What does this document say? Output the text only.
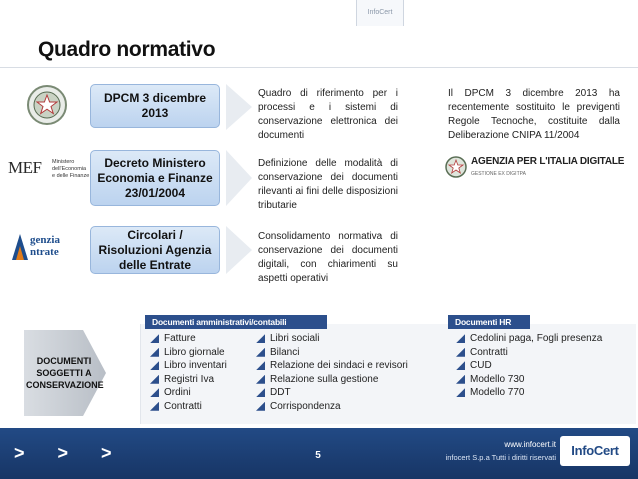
InfoCert
Quadro normativo
MEF Ministero
dell'Economia
e delle Finanze
genzia
ntrate
AGENZIA PER L'ITALIA DIGITALE
GESTIONE EX DIGITPA
DPCM 3 dicembre 2013
Decreto Ministero Economia e Finanze 23/01/2004
Circolari / Risoluzioni Agenzia delle Entrate
Quadro di riferimento per i processi e i sistemi di conservazione elettronica dei documenti
Definizione delle modalità di conservazione dei documenti rilevanti ai fini delle disposizioni tributarie
Consolidamento normativa di conservazione dei documenti digitali, con chiarimenti su aspetti operativi
Il DPCM 3 dicembre 2013 ha recentemente sostituito le previgenti Regole Tecnoche, costituite dalla Deliberazione CNIPA 11/2004
DOCUMENTI SOGGETTI A CONSERVAZIONE
Documenti amministrativi/contabili	Documenti HR
Fatture
Libro giornale
Libro inventari
Registri Iva
Ordini
Contratti
Libri sociali
Bilanci
Relazione dei sindaci e revisori
Relazione sulla gestione
DDT
Corrispondenza
Cedolini paga, Fogli presenza
Contratti
CUD
Modello 730
Modello 770
> > >	5
www.infocert.it
infocert S.p.a Tutti i diritti riservati	InfoCert
